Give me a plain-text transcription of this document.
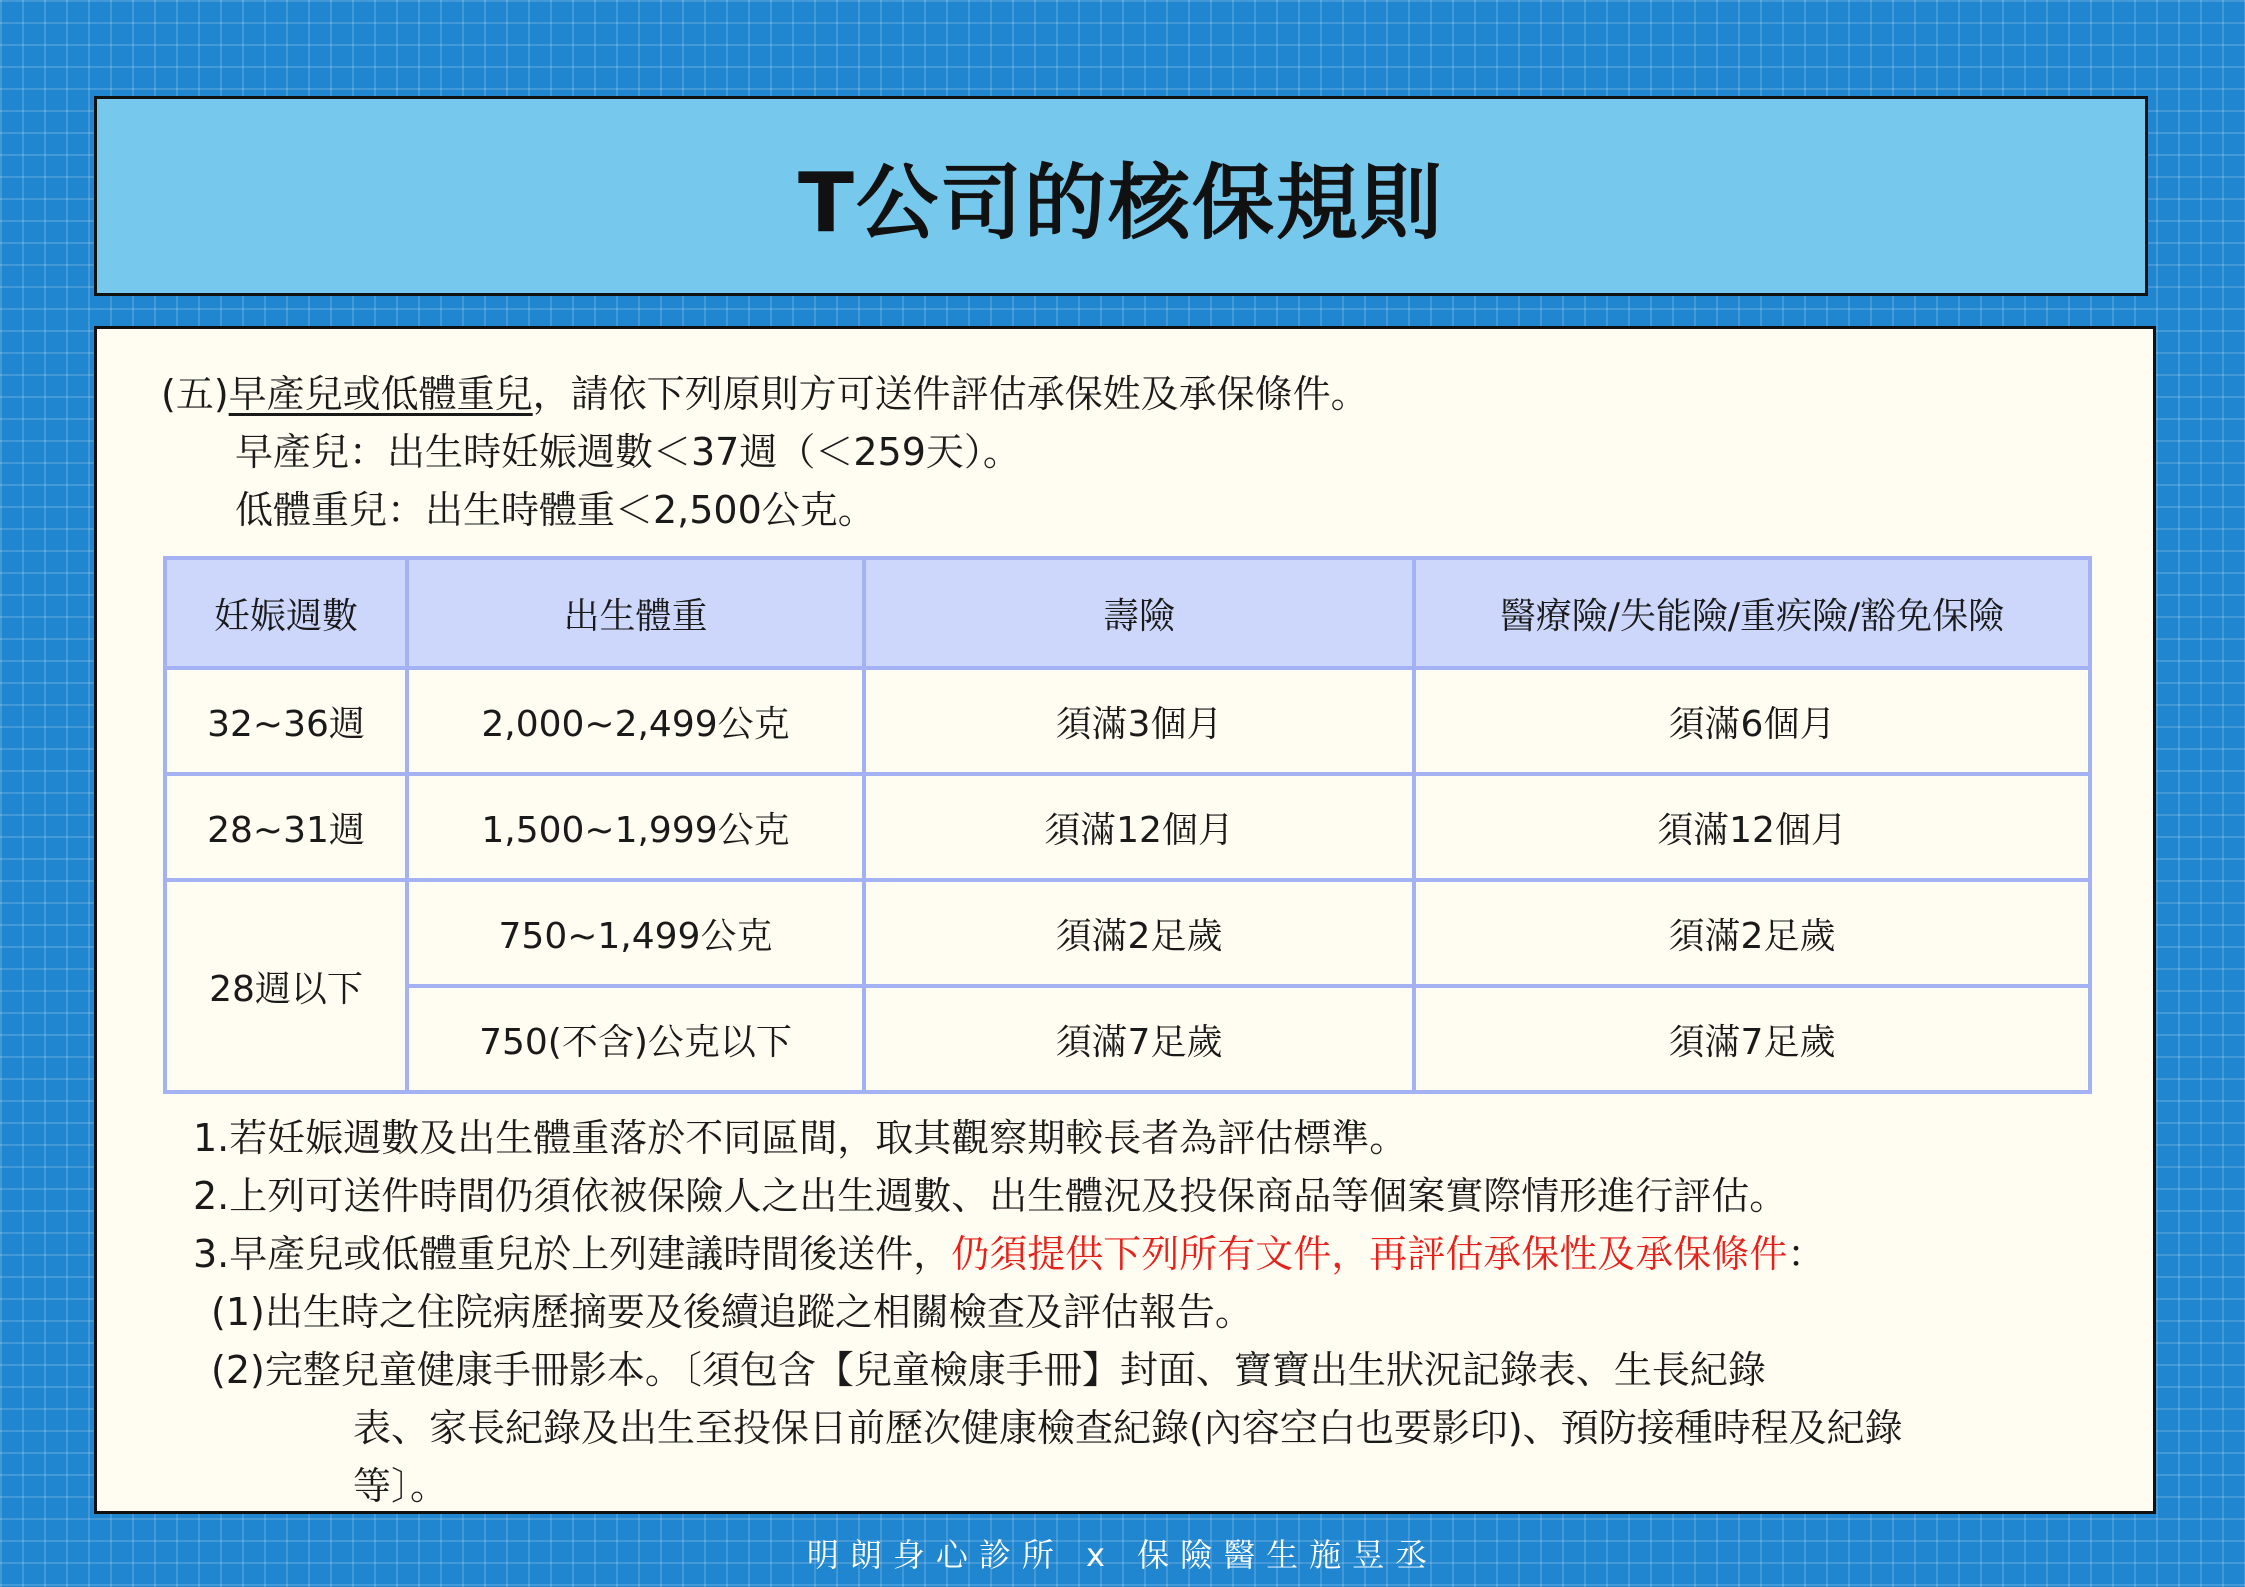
T公司的核保規則
(五)早產兒或低體重兒，請依下列原則方可送件評估承保姓及承保條件。
早產兒：出生時妊娠週數＜37週（＜259天）。
低體重兒：出生時體重＜2,500公克。
妊娠週數	出生體重	壽險	醫療險/失能險/重疾險/豁免保險
32~36週	2,000~2,499公克	須滿3個月	須滿6個月
28~31週	1,500~1,999公克	須滿12個月	須滿12個月
28週以下	750~1,499公克	須滿2足歲	須滿2足歲
	750(不含)公克以下	須滿7足歲	須滿7足歲
1.若妊娠週數及出生體重落於不同區間，取其觀察期較長者為評估標準。
2.上列可送件時間仍須依被保險人之出生週數、出生體況及投保商品等個案實際情形進行評估。
3.早產兒或低體重兒於上列建議時間後送件，仍須提供下列所有文件，再評估承保性及承保條件：
(1)出生時之住院病歷摘要及後續追蹤之相關檢查及評估報告。
(2)完整兒童健康手冊影本。〔須包含【兒童檢康手冊】封面、寶寶出生狀況記錄表、生長紀錄
表、家長紀錄及出生至投保日前歷次健康檢查紀錄(內容空白也要影印)、預防接種時程及紀錄
等〕。
明朗身心診所 x 保險醫生施昱丞
